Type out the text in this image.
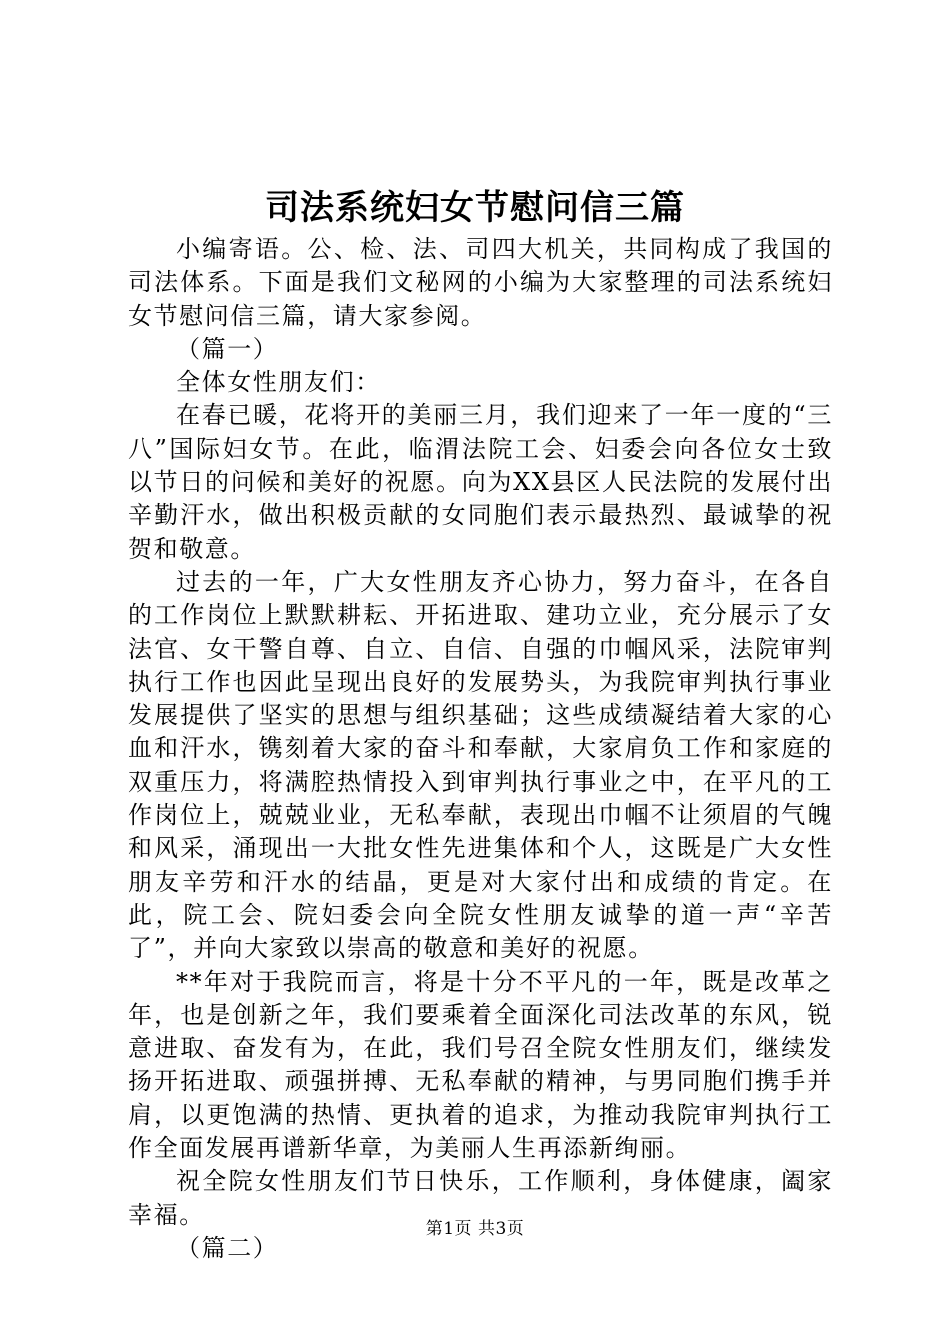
司法系统妇女节慰问信三篇

小编寄语。公、检、法、司四大机关，共同构成了我国的司法体系。下面是我们文秘网的小编为大家整理的司法系统妇女节慰问信三篇，请大家参阅。

（篇一）

全体女性朋友们：

在春已暖，花将开的美丽三月，我们迎来了一年一度的“三八”国际妇女节。在此，临渭法院工会、妇委会向各位女士致以节日的问候和美好的祝愿。向为XX县区人民法院的发展付出辛勤汗水，做出积极贡献的女同胞们表示最热烈、最诚挚的祝贺和敬意。

过去的一年，广大女性朋友齐心协力，努力奋斗，在各自的工作岗位上默默耕耘、开拓进取、建功立业，充分展示了女法官、女干警自尊、自立、自信、自强的巾帼风采，法院审判执行工作也因此呈现出良好的发展势头，为我院审判执行事业发展提供了坚实的思想与组织基础；这些成绩凝结着大家的心血和汗水，镌刻着大家的奋斗和奉献，大家肩负工作和家庭的双重压力，将满腔热情投入到审判执行事业之中，在平凡的工作岗位上，兢兢业业，无私奉献，表现出巾帼不让须眉的气魄和风采，涌现出一大批女性先进集体和个人，这既是广大女性朋友辛劳和汗水的结晶，更是对大家付出和成绩的肯定。在此，院工会、院妇委会向全院女性朋友诚挚的道一声“辛苦了”，并向大家致以崇高的敬意和美好的祝愿。

**年对于我院而言，将是十分不平凡的一年，既是改革之年，也是创新之年，我们要乘着全面深化司法改革的东风，锐意进取、奋发有为，在此，我们号召全院女性朋友们，继续发扬开拓进取、顽强拼搏、无私奉献的精神，与男同胞们携手并肩，以更饱满的热情、更执着的追求，为推动我院审判执行工作全面发展再谱新华章，为美丽人生再添新绚丽。

祝全院女性朋友们节日快乐，工作顺利，身体健康，阖家幸福。

（篇二）

第1页 共3页
